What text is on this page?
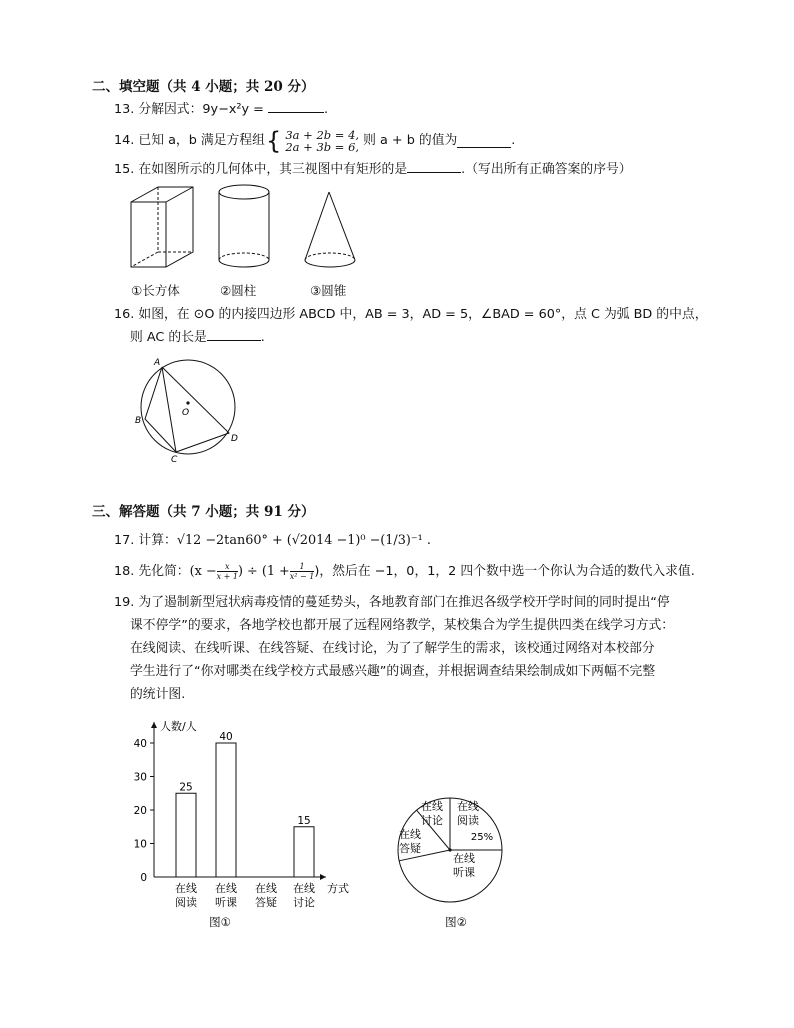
二、填空题（共 4 小题；共 20 分）
13. 分解因式：9y−x²y =	.
14. 已知 a，b 满足方程组 { 3a + 2b = 4,
2a + 3b = 6, 则 a + b 的值为	.
15. 在如图所示的几何体中，其三视图中有矩形的是	.（写出所有正确答案的序号）
①长方体	②圆柱	③圆锥
16. 如图，在 ⊙O 的内接四边形 ABCD 中，AB = 3，AD = 5，∠BAD = 60°，点 C 为弧 BD 的中点，
则 AC 的长是	.
A
O
B
C
D
三、解答题（共 7 小题；共 91 分）
17. 计算：√12 −2tan60° + (√2014 −1)⁰ −(1/3)⁻¹ .
18. 先化简：($x - \frac{x}{x + 1}$ ) ÷ ($1 + \frac{1}{\text{x² − 1}}$ )，然后在 −1，0，1，2 四个数中选一个你认为合适的数代入求值.
19. 为了遏制新型冠状病毒疫情的蔓延势头，各地教育部门在推迟各级学校开学时间的同时提出“停
课不停学”的要求，各地学校也都开展了远程网络教学，某校集合为学生提供四类在线学习方式：
在线阅读、在线听课、在线答疑、在线讨论，为了了解学生的需求，该校通过网络对本校部分
学生进行了“你对哪类在线学校方式最感兴趣”的调查，并根据调查结果绘制成如下两幅不完整
的统计图.
人数/人
方式
0
10
20
30
40
25
在线
阅读
40
在线
听课
在线
答疑
15
在线
讨论
图①
在线
阅读
25%
在线
听课
在线
答疑
在线
讨论
图②
